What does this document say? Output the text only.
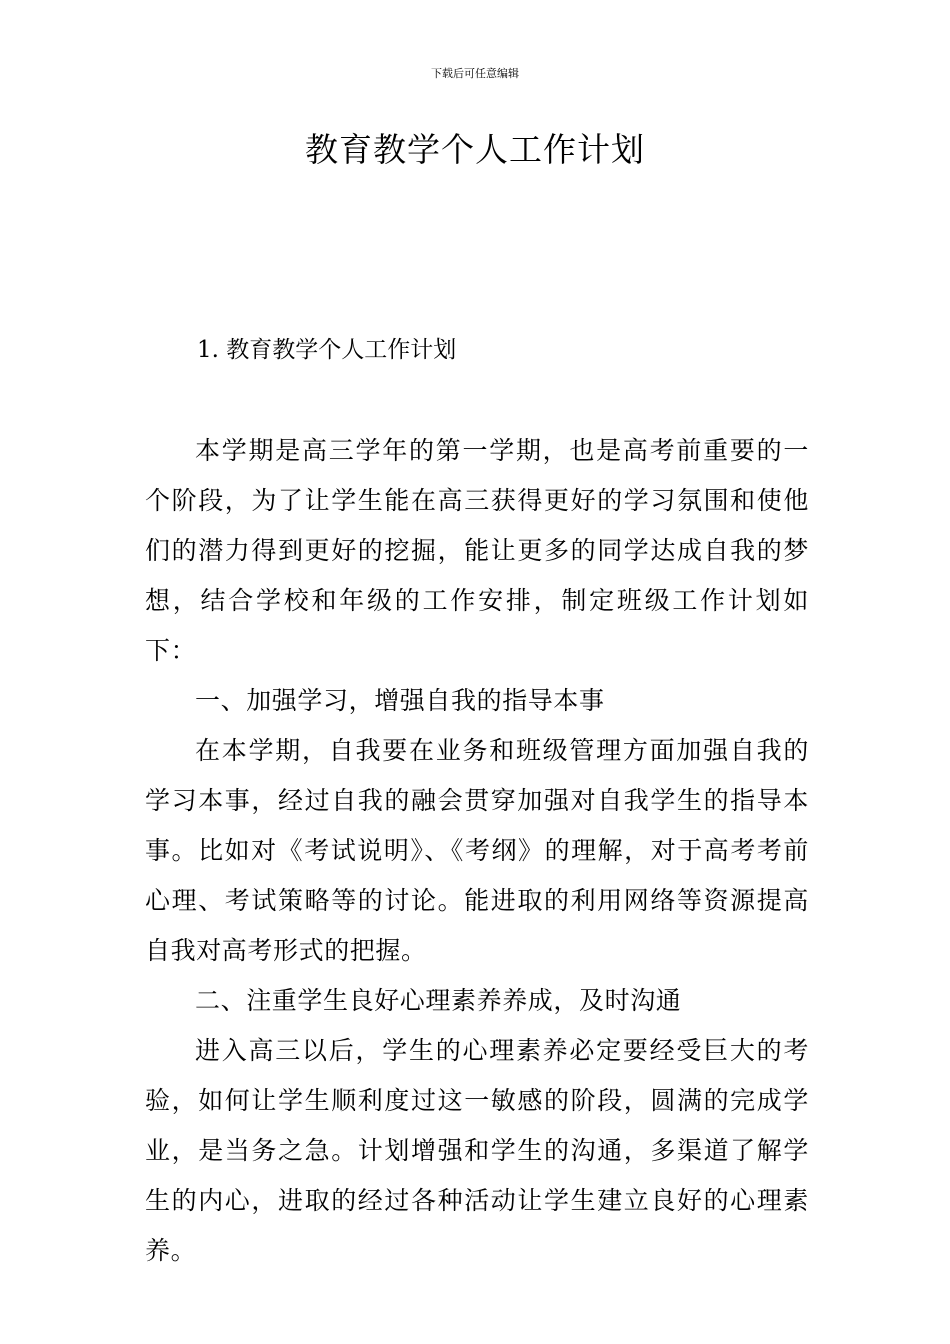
下载后可任意编辑
教育教学个人工作计划
1. 教育教学个人工作计划

本学期是高三学年的第一学期，也是高考前重要的一个阶段，为了让学生能在高三获得更好的学习氛围和使他们的潜力得到更好的挖掘，能让更多的同学达成自我的梦想，结合学校和年级的工作安排，制定班级工作计划如下：

一、加强学习，增强自我的指导本事

在本学期，自我要在业务和班级管理方面加强自我的学习本事，经过自我的融会贯穿加强对自我学生的指导本事。比如对《考试说明》、《考纲》的理解，对于高考考前心理、考试策略等的讨论。能进取的利用网络等资源提高自我对高考形式的把握。

二、注重学生良好心理素养养成，及时沟通

进入高三以后，学生的心理素养必定要经受巨大的考验，如何让学生顺利度过这一敏感的阶段，圆满的完成学业，是当务之急。计划增强和学生的沟通，多渠道了解学生的内心，进取的经过各种活动让学生建立良好的心理素养。
